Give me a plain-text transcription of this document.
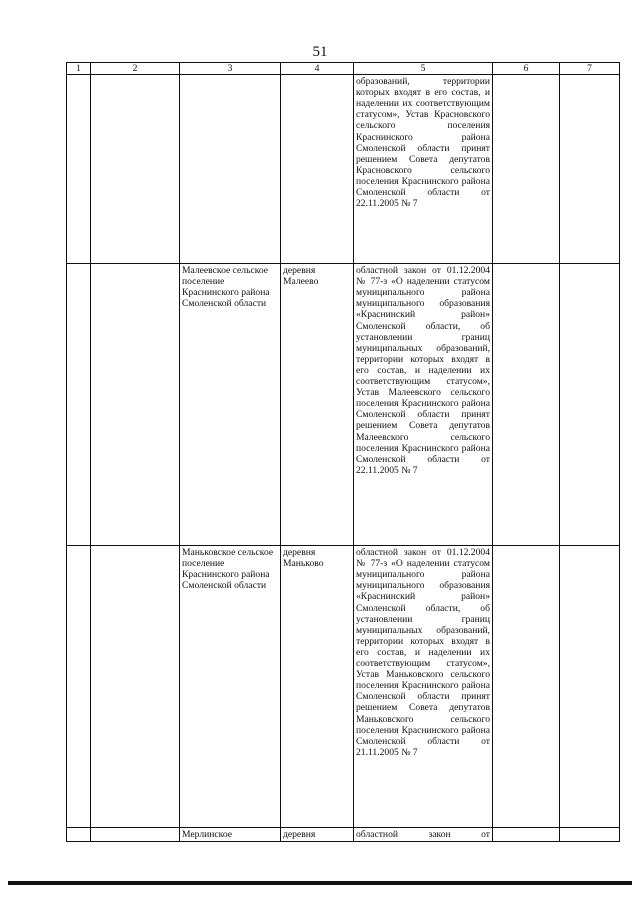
51
1	2	3	4	5	6	7
				образований, территории которых входят в его состав, и наделении их соответствующим статусом», Устав Красновского сельского поселения Краснинского района Смоленской области принят решением Совета депутатов Красновского сельского поселения Краснинского района Смоленской области от 22.11.2005 № 7		
		Малеевское сельское поселение Краснинского района Смоленской области	деревня Малеево	областной закон от 01.12.2004 № 77-з «О наделении статусом муниципального района муниципального образования «Краснинский район» Смоленской области, об установлении границ муниципальных образований, территории которых входят в его состав, и наделении их соответствующим статусом», Устав Малеевского сельского поселения Краснинского района Смоленской области принят решением Совета депутатов Малеевского сельского поселения Краснинского района Смоленской области от 22.11.2005 № 7		
		Маньковское сельское поселение Краснинского района Смоленской области	деревня Маньково	областной закон от 01.12.2004 № 77-з «О наделении статусом муниципального района муниципального образования «Краснинский район» Смоленской области, об установлении границ муниципальных образований, территории которых входят в его состав, и наделении их соответствующим статусом», Устав Маньковского сельского поселения Краснинского района Смоленской области принят решением Совета депутатов Маньковского сельского поселения Краснинского района Смоленской области от 21.11.2005 № 7		
		Мерлинское	деревня	областной закон от		
